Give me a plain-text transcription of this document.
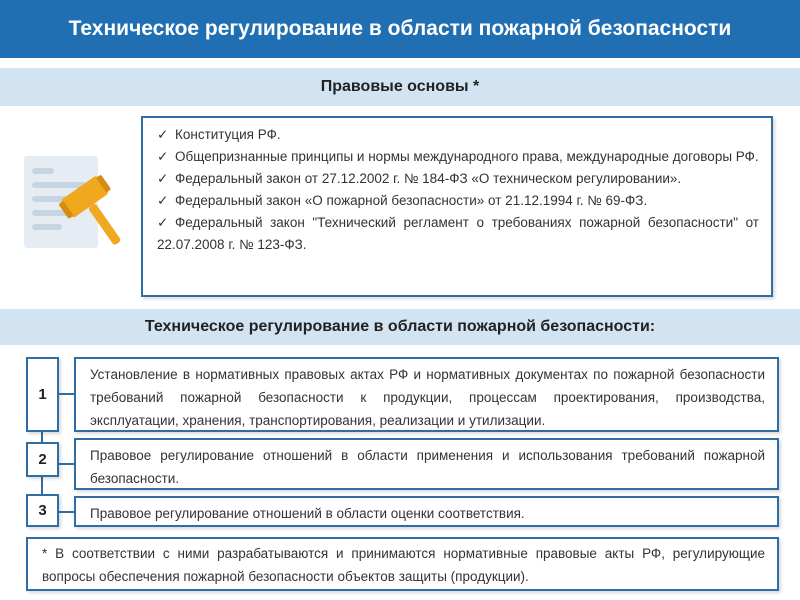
Техническое регулирование в области пожарной безопасности
Правовые основы *

✓ Конституция РФ.

✓ Общепризнанные принципы и нормы международного права, международные договоры РФ.

✓ Федеральный закон от 27.12.2002 г. № 184-ФЗ «О техническом регулировании».

✓ Федеральный закон «О пожарной безопасности» от 21.12.1994 г. № 69-ФЗ.

✓ Федеральный закон "Технический регламент о требованиях пожарной безопасности" от 22.07.2008 г. № 123-ФЗ.

Техническое регулирование в области пожарной безопасности:
1
Установление в нормативных правовых актах РФ и нормативных документах по пожарной безопасности требований пожарной безопасности к продукции, процессам проектирования, производства, эксплуатации, хранения, транспортирования, реализации и утилизации.
2	Правовое регулирование отношений в области применения и использования требований пожарной безопасности.
3	Правовое регулирование отношений в области оценки соответствия.
* В соответствии с ними разрабатываются и принимаются нормативные правовые акты РФ, регулирующие вопросы обеспечения пожарной безопасности объектов защиты (продукции).
